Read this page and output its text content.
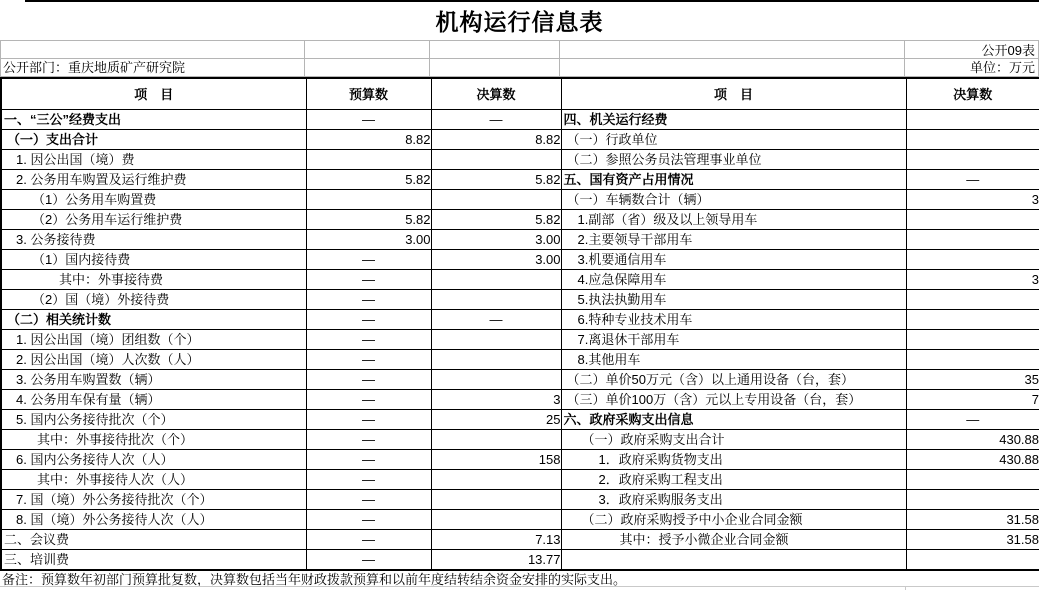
机构运行信息表
公开09表
公开部门：重庆地质矿产研究院	单位：万元
项　目	预算数	决算数	项　目	决算数
一、“三公”经费支出	—	—	四、机关运行经费	
（一）支出合计	8.82	8.82	（一）行政单位	
1. 因公出国（境）费			（二）参照公务员法管理事业单位	
2. 公务用车购置及运行维护费	5.82	5.82	五、国有资产占用情况	—
（1）公务用车购置费			（一）车辆数合计（辆）	3
（2）公务用车运行维护费	5.82	5.82	1.副部（省）级及以上领导用车	
3. 公务接待费	3.00	3.00	2.主要领导干部用车	
（1）国内接待费	—	3.00	3.机要通信用车	
其中：外事接待费	—		4.应急保障用车	3
（2）国（境）外接待费	—		5.执法执勤用车	
（二）相关统计数	—	—	6.特种专业技术用车	
1. 因公出国（境）团组数（个）	—		7.离退休干部用车	
2. 因公出国（境）人次数（人）	—		8.其他用车	
3. 公务用车购置数（辆）	—		（二）单价50万元（含）以上通用设备（台，套）	35
4. 公务用车保有量（辆）	—	3	（三）单价100万（含）元以上专用设备（台，套）	7
5. 国内公务接待批次（个）	—	25	六、政府采购支出信息	—
其中：外事接待批次（个）	—		（一）政府采购支出合计	430.88
6. 国内公务接待人次（人）	—	158	1．政府采购货物支出	430.88
其中：外事接待人次（人）	—		2．政府采购工程支出	
7. 国（境）外公务接待批次（个）	—		3．政府采购服务支出	
8. 国（境）外公务接待人次（人）	—		（二）政府采购授予中小企业合同金额	31.58
二、会议费	—	7.13	其中：授予小微企业合同金额	31.58
三、培训费	—	13.77		
备注：预算数年初部门预算批复数，决算数包括当年财政拨款预算和以前年度结转结余资金安排的实际支出。
